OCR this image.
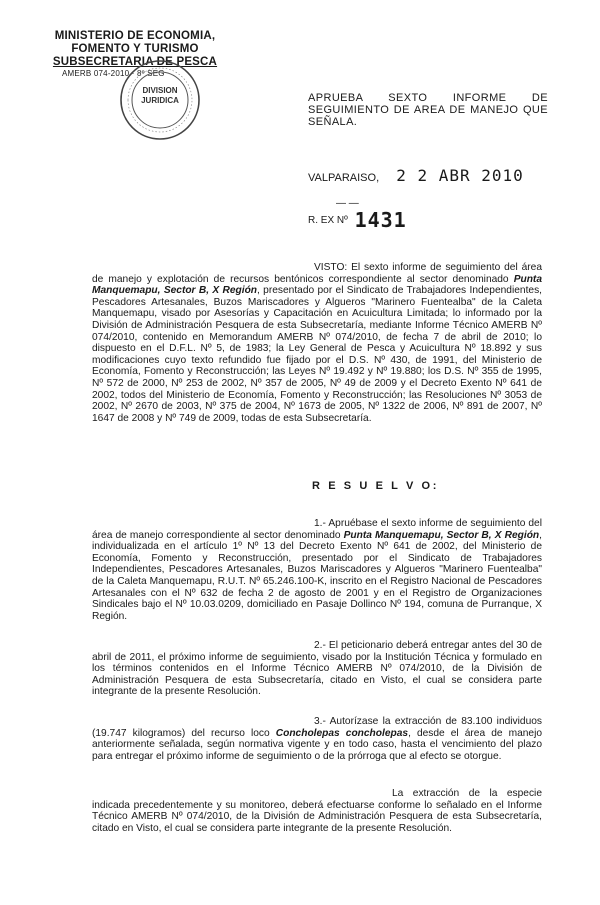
MINISTERIO DE ECONOMIA,
FOMENTO Y TURISMO
SUBSECRETARIA DE PESCA
AMERB 074-2010 · 8º SEG
DIVISION
JURIDICA	APRUEBA SEXTO INFORME DE
SEGUIMIENTO DE AREA DE MANEJO QUE
SEÑALA.
VALPARAISO, 2 2 ABR 2010
— —
R. EX Nº 1431
VISTO: El sexto informe de seguimiento del área de manejo y explotación de recursos bentónicos correspondiente al sector denominado Punta Manquemapu, Sector B, X Región, presentado por el Sindicato de Trabajadores Independientes, Pescadores Artesanales, Buzos Mariscadores y Algueros "Marinero Fuentealba" de la Caleta Manquemapu, visado por Asesorías y Capacitación en Acuicultura Limitada; lo informado por la División de Administración Pesquera de esta Subsecretaría, mediante Informe Técnico AMERB Nº 074/2010, contenido en Memorandum AMERB Nº 074/2010, de fecha 7 de abril de 2010; lo dispuesto en el D.F.L. Nº 5, de 1983; la Ley General de Pesca y Acuicultura Nº 18.892 y sus modificaciones cuyo texto refundido fue fijado por el D.S. Nº 430, de 1991, del Ministerio de Economía, Fomento y Reconstrucción; las Leyes Nº 19.492 y Nº 19.880; los D.S. Nº 355 de 1995, Nº 572 de 2000, Nº 253 de 2002, Nº 357 de 2005, Nº 49 de 2009 y el Decreto Exento Nº 641 de 2002, todos del Ministerio de Economía, Fomento y Reconstrucción; las Resoluciones Nº 3053 de 2002, Nº 2670 de 2003, Nº 375 de 2004, Nº 1673 de 2005, Nº 1322 de 2006, Nº 891 de 2007, Nº 1647 de 2008 y Nº 749 de 2009, todas de esta Subsecretaría.
R E S U E L V O:
1.- Apruébase el sexto informe de seguimiento del área de manejo correspondiente al sector denominado Punta Manquemapu, Sector B, X Región, individualizada en el artículo 1º Nº 13 del Decreto Exento Nº 641 de 2002, del Ministerio de Economía, Fomento y Reconstrucción, presentado por el Sindicato de Trabajadores Independientes, Pescadores Artesanales, Buzos Mariscadores y Algueros "Marinero Fuentealba" de la Caleta Manquemapu, R.U.T. Nº 65.246.100-K, inscrito en el Registro Nacional de Pescadores Artesanales con el Nº 632 de fecha 2 de agosto de 2001 y en el Registro de Organizaciones Sindicales bajo el Nº 10.03.0209, domiciliado en Pasaje Dollinco Nº 194, comuna de Purranque, X Región.
2.- El peticionario deberá entregar antes del 30 de abril de 2011, el próximo informe de seguimiento, visado por la Institución Técnica y formulado en los términos contenidos en el Informe Técnico AMERB Nº 074/2010, de la División de Administración Pesquera de esta Subsecretaría, citado en Visto, el cual se considera parte integrante de la presente Resolución.
3.- Autorízase la extracción de 83.100 individuos (19.747 kilogramos) del recurso loco Concholepas concholepas, desde el área de manejo anteriormente señalada, según normativa vigente y en todo caso, hasta el vencimiento del plazo para entregar el próximo informe de seguimiento o de la prórroga que al efecto se otorgue.
La extracción de la especie indicada precedentemente y su monitoreo, deberá efectuarse conforme lo señalado en el Informe Técnico AMERB Nº 074/2010, de la División de Administración Pesquera de esta Subsecretaría, citado en Visto, el cual se considera parte integrante de la presente Resolución.
